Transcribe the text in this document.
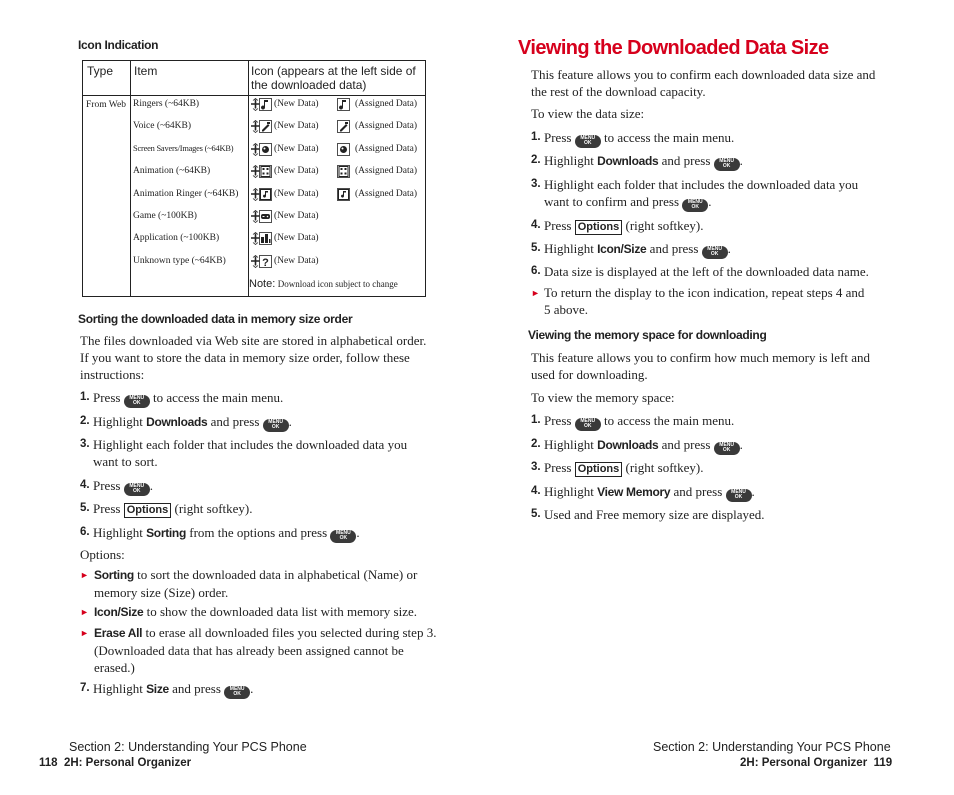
Icon Indication
Type Item	Icon (appears at the left side of the downloaded data)
From Web Ringers (~64KB)	(New Data)	(Assigned Data)
Voice (~64KB)	(New Data)	(Assigned Data)
Screen Savers/Images (~64KB)	(New Data)	(Assigned Data)
Animation (~64KB)	(New Data)	(Assigned Data)
Animation Ringer (~64KB)	(New Data)	(Assigned Data)
Game (~100KB)	(New Data)
Application (~100KB)	(New Data)
Unknown type (~64KB)	? (New Data)
Note: Download icon subject to change
Sorting the downloaded data in memory size order
The files downloaded via Web site are stored in alphabetical order. If you want to store the data in memory size order, follow these instructions:
1. Press MENU
OK to access the main menu.
2. Highlight Downloads and press MENU
OK .
3. Highlight each folder that includes the downloaded data you
want to sort.
4. Press MENU
OK .
5. Press Options (right softkey).
6. Highlight Sorting from the options and press MENU
OK .
Options:
► Sorting to sort the downloaded data in alphabetical (Name) or
memory size (Size) order.
► Icon/Size to show the downloaded data list with memory size.
► Erase All to erase all downloaded files you selected during step 3.
(Downloaded data that has already been assigned cannot be
erased.)
7. Highlight Size and press MENU
OK .
Section 2: Understanding Your PCS Phone
118  2H: Personal Organizer
Viewing the Downloaded Data Size
This feature allows you to confirm each downloaded data size and the rest of the download capacity.
To view the data size:
1. Press MENU
OK to access the main menu.
2. Highlight Downloads and press MENU
OK .
3. Highlight each folder that includes the downloaded data you
want to confirm and press MENU
OK .
4. Press Options (right softkey).
5. Highlight Icon/Size and press MENU
OK .
6. Data size is displayed at the left of the downloaded data name.
► To return the display to the icon indication, repeat steps 4 and
5 above.
Viewing the memory space for downloading
This feature allows you to confirm how much memory is left and used for downloading.
To view the memory space:
1. Press MENU
OK to access the main menu.
2. Highlight Downloads and press MENU
OK .
3. Press Options (right softkey).
4. Highlight View Memory and press MENU
OK .
5. Used and Free memory size are displayed.
Section 2: Understanding Your PCS Phone
2H: Personal Organizer  119
